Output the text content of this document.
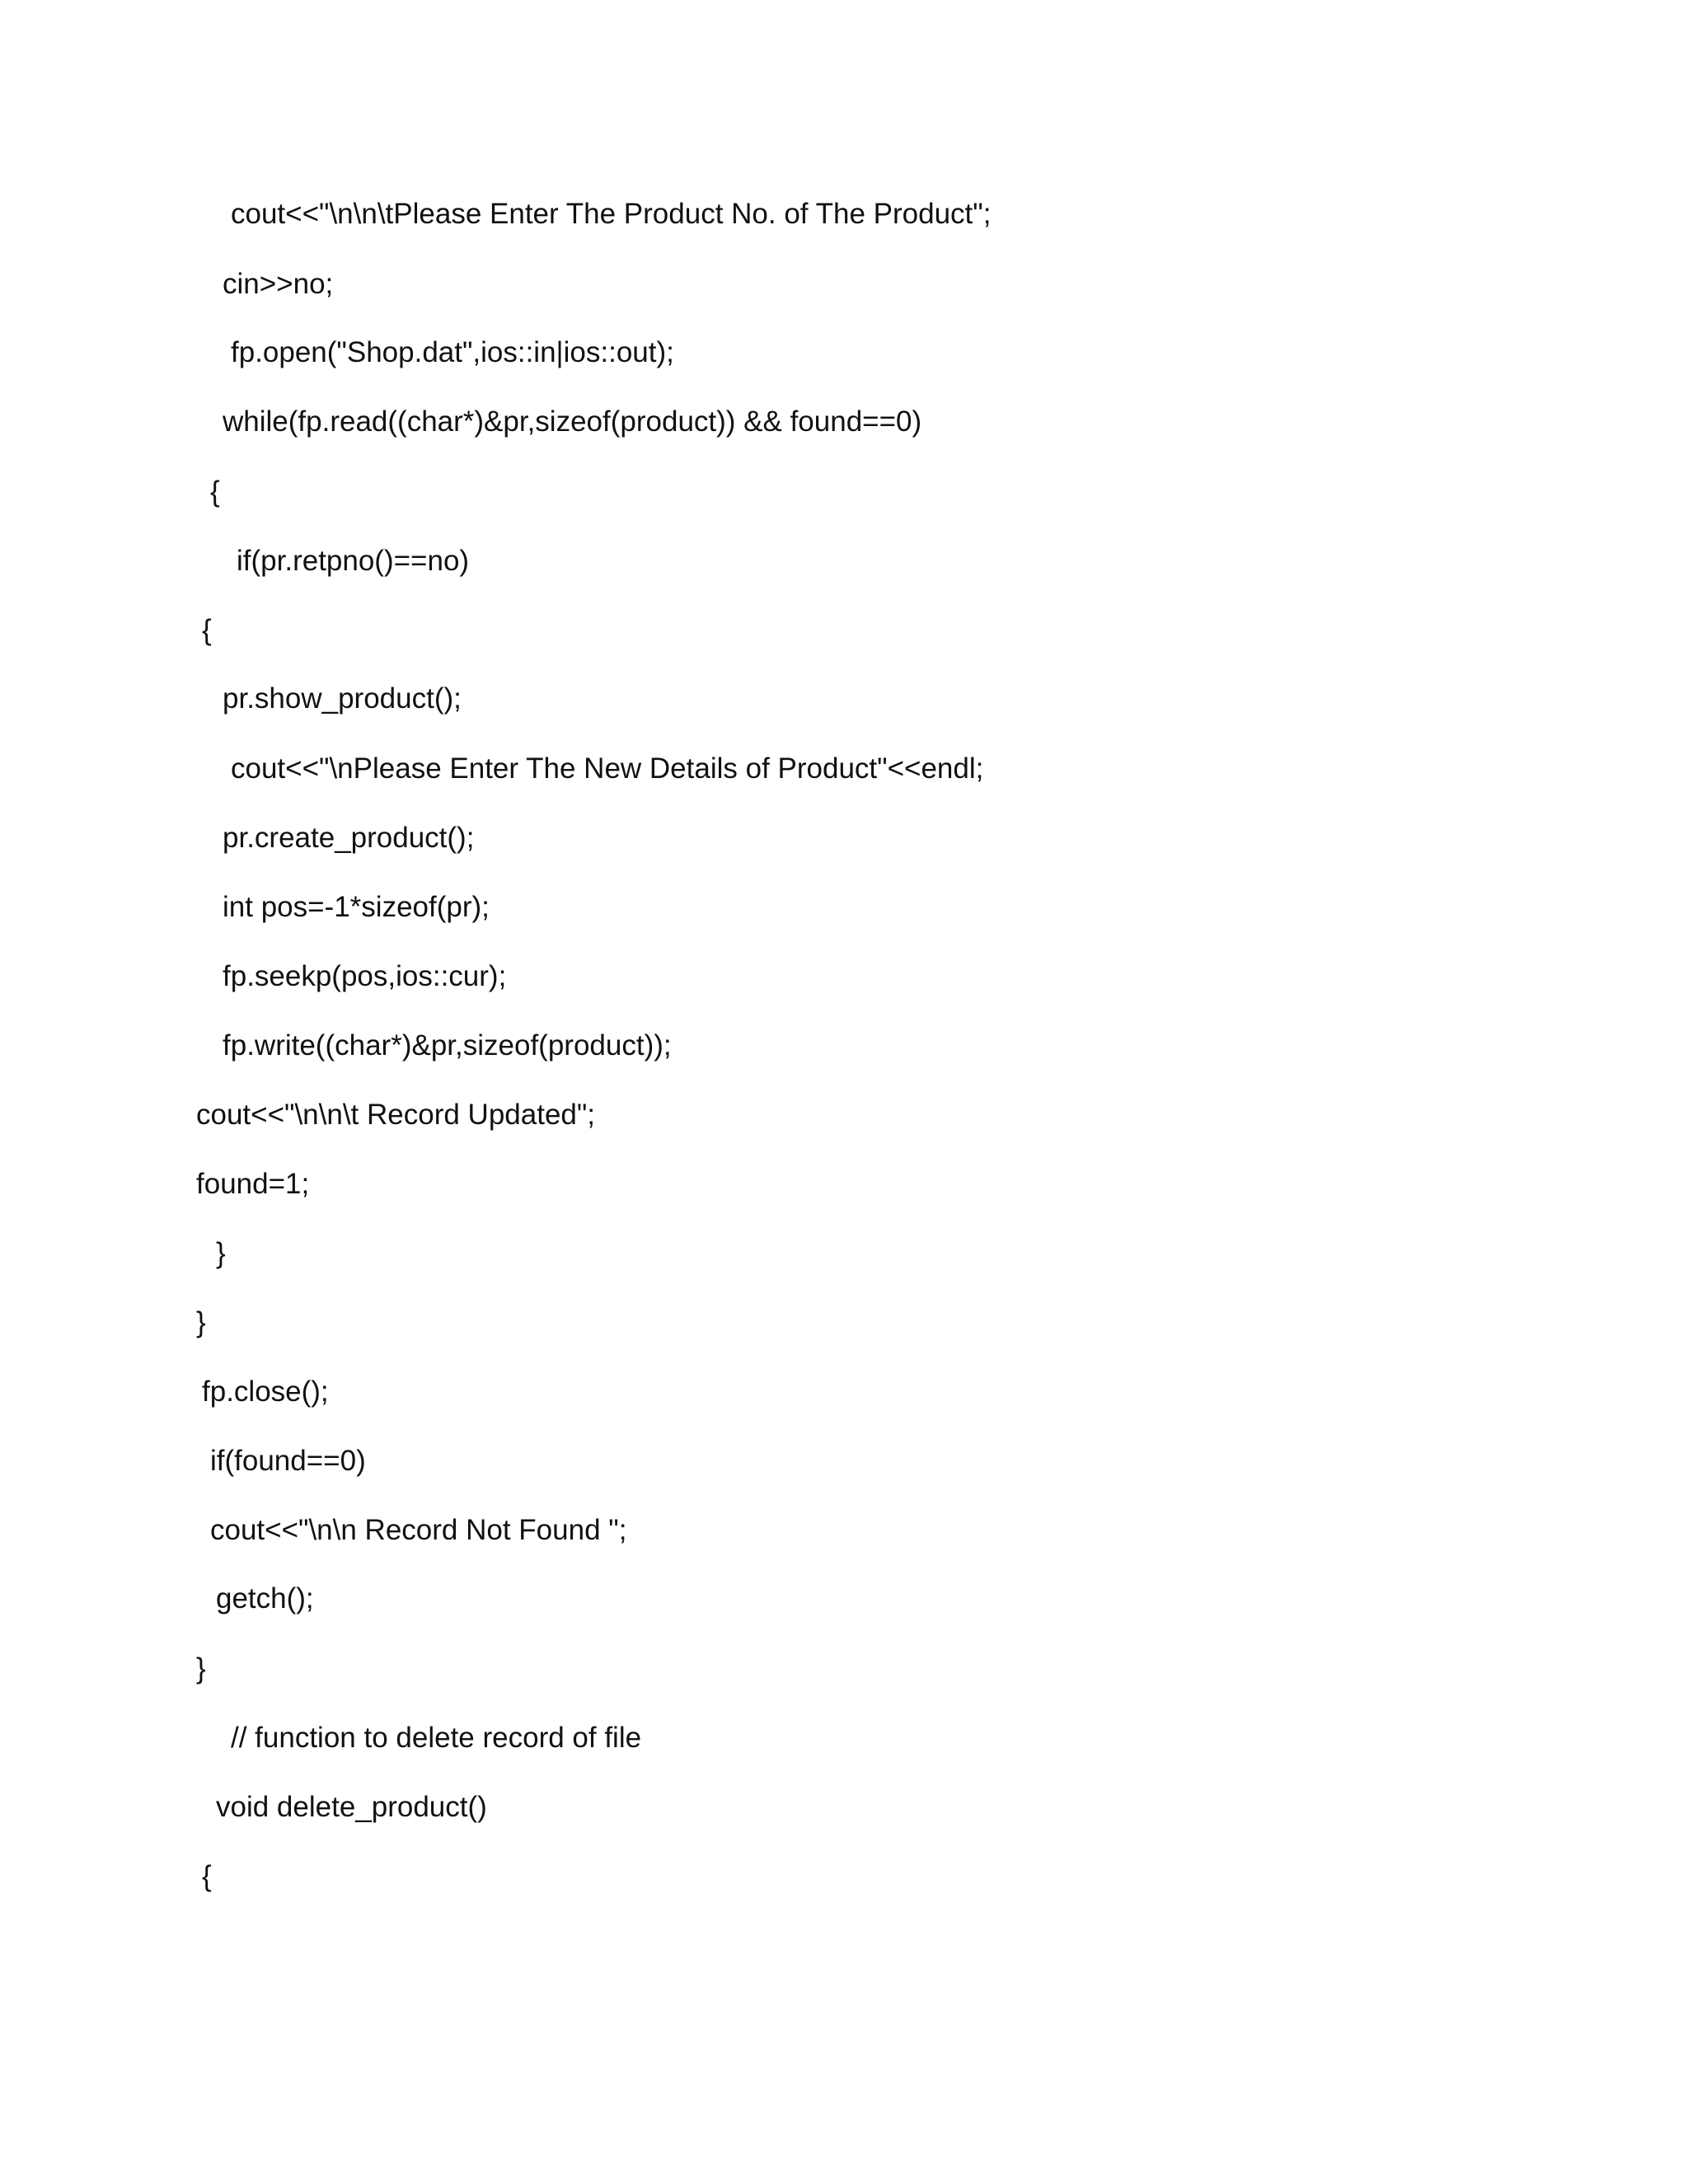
cout<<"\n\n\tPlease Enter The Product No. of The Product";
cin>>no;
fp.open("Shop.dat",ios::in|ios::out);
while(fp.read((char*)&pr,sizeof(product)) && found==0)
{
if(pr.retpno()==no)
{
pr.show_product();
cout<<"\nPlease Enter The New Details of Product"<<endl;
pr.create_product();
int pos=-1*sizeof(pr);
fp.seekp(pos,ios::cur);
fp.write((char*)&pr,sizeof(product));
cout<<"\n\n\t Record Updated";
found=1;
}
}
fp.close();
if(found==0)
cout<<"\n\n Record Not Found ";
getch();
}
// function to delete record of file
void delete_product()
{
